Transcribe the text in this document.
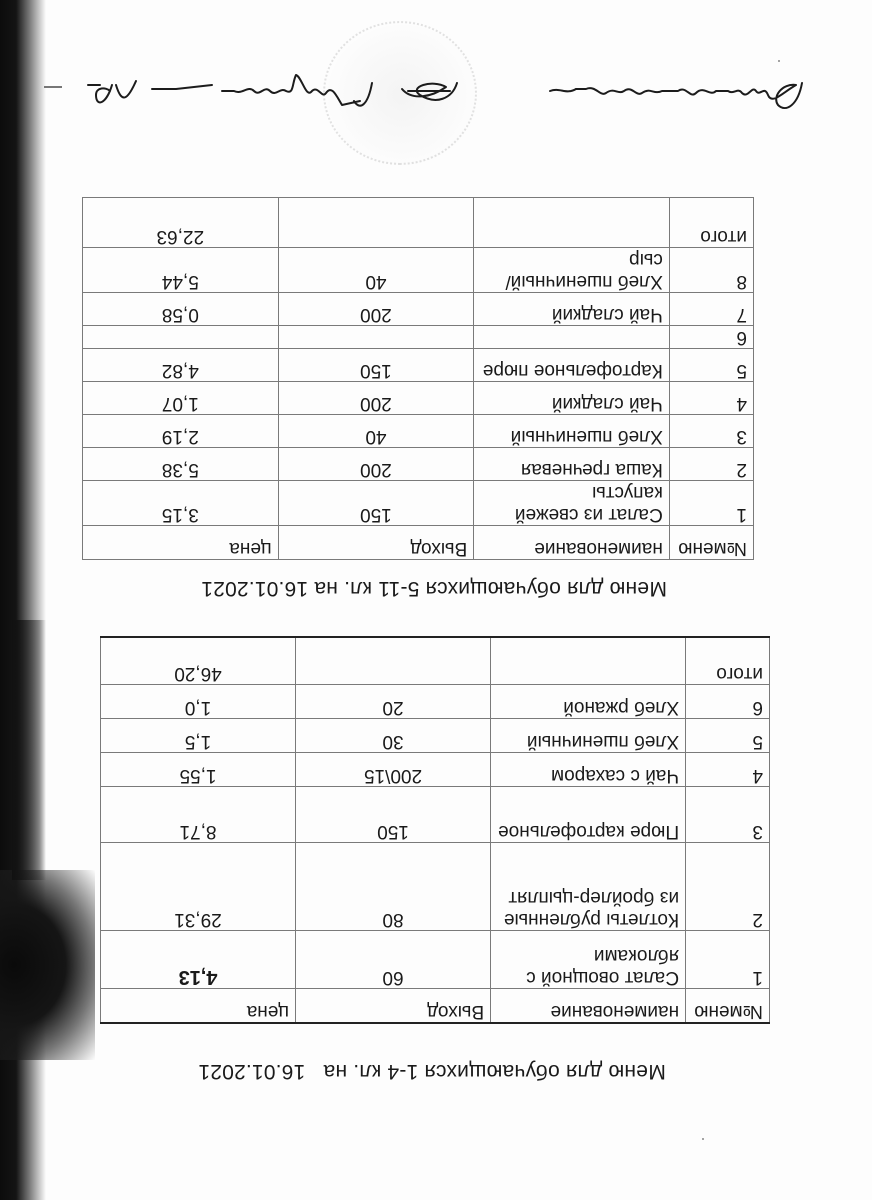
Меню для обучающихся 1-4 кл. на   16.01.2021
№меню	наименование	Выход	цена
1	Салат овощной с яблоками	60	4,13
2	Котлеты рубленные из бройлер-цыплят	80	29,31
3	Пюре картофельное	150	8,71
4	Чай с сахаром	200\15	1,55
5	Хлеб пшеничный	30	1,5
6	Хлеб ржаной	20	1,0
итого			46,20
Меню для обучающихся 5-11 кл. на 16.01.2021
№меню	наименование	Выход	цена
1	Салат из свежей капусты	150	3,15
2	Каша гречневая	200	5,38
3	Хлеб пшеничный	40	2,19
4	Чай сладкий	200	1,07
5	Картофельное пюре	150	4,82
6			
7	Чай сладкий	200	0,58
8	Хлеб пшеничный/сыр	40	5,44
итого			22,63
